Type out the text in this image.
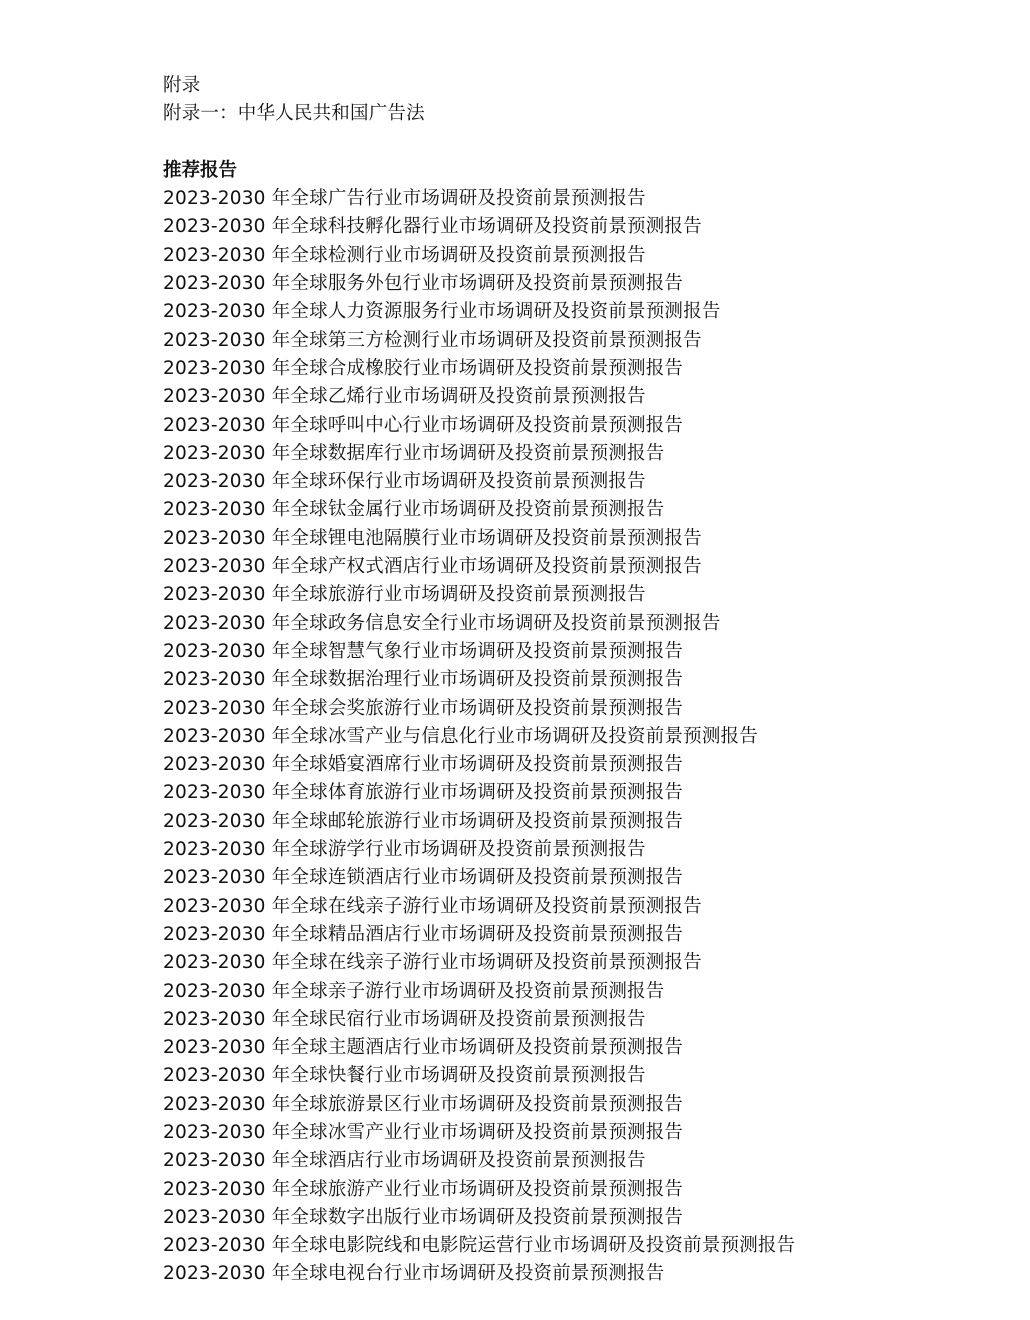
附录
附录一：中华人民共和国广告法
推荐报告
2023-2030 年全球广告行业市场调研及投资前景预测报告
2023-2030 年全球科技孵化器行业市场调研及投资前景预测报告
2023-2030 年全球检测行业市场调研及投资前景预测报告
2023-2030 年全球服务外包行业市场调研及投资前景预测报告
2023-2030 年全球人力资源服务行业市场调研及投资前景预测报告
2023-2030 年全球第三方检测行业市场调研及投资前景预测报告
2023-2030 年全球合成橡胶行业市场调研及投资前景预测报告
2023-2030 年全球乙烯行业市场调研及投资前景预测报告
2023-2030 年全球呼叫中心行业市场调研及投资前景预测报告
2023-2030 年全球数据库行业市场调研及投资前景预测报告
2023-2030 年全球环保行业市场调研及投资前景预测报告
2023-2030 年全球钛金属行业市场调研及投资前景预测报告
2023-2030 年全球锂电池隔膜行业市场调研及投资前景预测报告
2023-2030 年全球产权式酒店行业市场调研及投资前景预测报告
2023-2030 年全球旅游行业市场调研及投资前景预测报告
2023-2030 年全球政务信息安全行业市场调研及投资前景预测报告
2023-2030 年全球智慧气象行业市场调研及投资前景预测报告
2023-2030 年全球数据治理行业市场调研及投资前景预测报告
2023-2030 年全球会奖旅游行业市场调研及投资前景预测报告
2023-2030 年全球冰雪产业与信息化行业市场调研及投资前景预测报告
2023-2030 年全球婚宴酒席行业市场调研及投资前景预测报告
2023-2030 年全球体育旅游行业市场调研及投资前景预测报告
2023-2030 年全球邮轮旅游行业市场调研及投资前景预测报告
2023-2030 年全球游学行业市场调研及投资前景预测报告
2023-2030 年全球连锁酒店行业市场调研及投资前景预测报告
2023-2030 年全球在线亲子游行业市场调研及投资前景预测报告
2023-2030 年全球精品酒店行业市场调研及投资前景预测报告
2023-2030 年全球在线亲子游行业市场调研及投资前景预测报告
2023-2030 年全球亲子游行业市场调研及投资前景预测报告
2023-2030 年全球民宿行业市场调研及投资前景预测报告
2023-2030 年全球主题酒店行业市场调研及投资前景预测报告
2023-2030 年全球快餐行业市场调研及投资前景预测报告
2023-2030 年全球旅游景区行业市场调研及投资前景预测报告
2023-2030 年全球冰雪产业行业市场调研及投资前景预测报告
2023-2030 年全球酒店行业市场调研及投资前景预测报告
2023-2030 年全球旅游产业行业市场调研及投资前景预测报告
2023-2030 年全球数字出版行业市场调研及投资前景预测报告
2023-2030 年全球电影院线和电影院运营行业市场调研及投资前景预测报告
2023-2030 年全球电视台行业市场调研及投资前景预测报告
